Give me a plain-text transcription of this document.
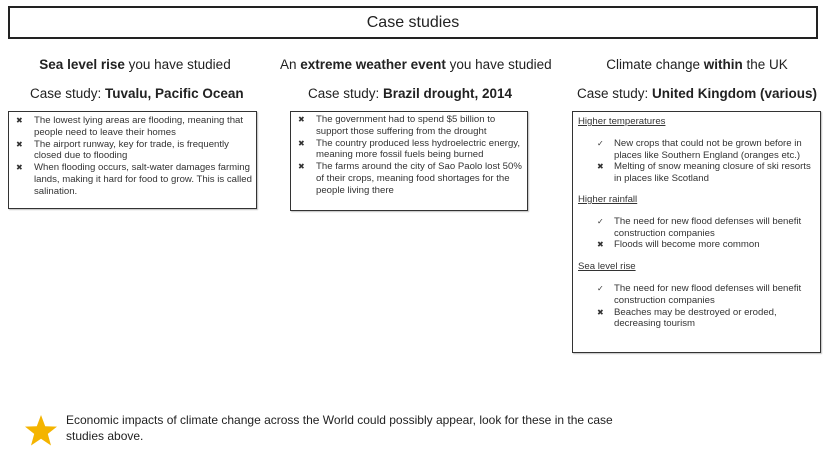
Case studies
Sea level rise you have studied
Case study: Tuvalu, Pacific Ocean
✖ The lowest lying areas are flooding, meaning that people need to leave their homes
✖ The airport runway, key for trade, is frequently closed due to flooding
✖ When flooding occurs, salt-water damages farming lands, making it hard for food to grow. This is called salination.
An extreme weather event you have studied
Case study: Brazil drought, 2014
✖ The government had to spend $5 billion to support those suffering from the drought
✖ The country produced less hydroelectric energy, meaning more fossil fuels being burned
✖ The farms around the city of Sao Paolo lost 50% of their crops, meaning food shortages for the people living there
Climate change within the UK
Case study: United Kingdom (various)
Higher temperatures
✓ New crops that could not be grown before in places like Southern England (oranges etc.)
✖ Melting of snow meaning closure of ski resorts in places like Scotland
Higher rainfall
✓ The need for new flood defenses will benefit construction companies
✖ Floods will become more common
Sea level rise
✓ The need for new flood defenses will benefit construction companies
✖ Beaches may be destroyed or eroded, decreasing tourism
Economic impacts of climate change across the World could possibly appear, look for these in the case studies above.
